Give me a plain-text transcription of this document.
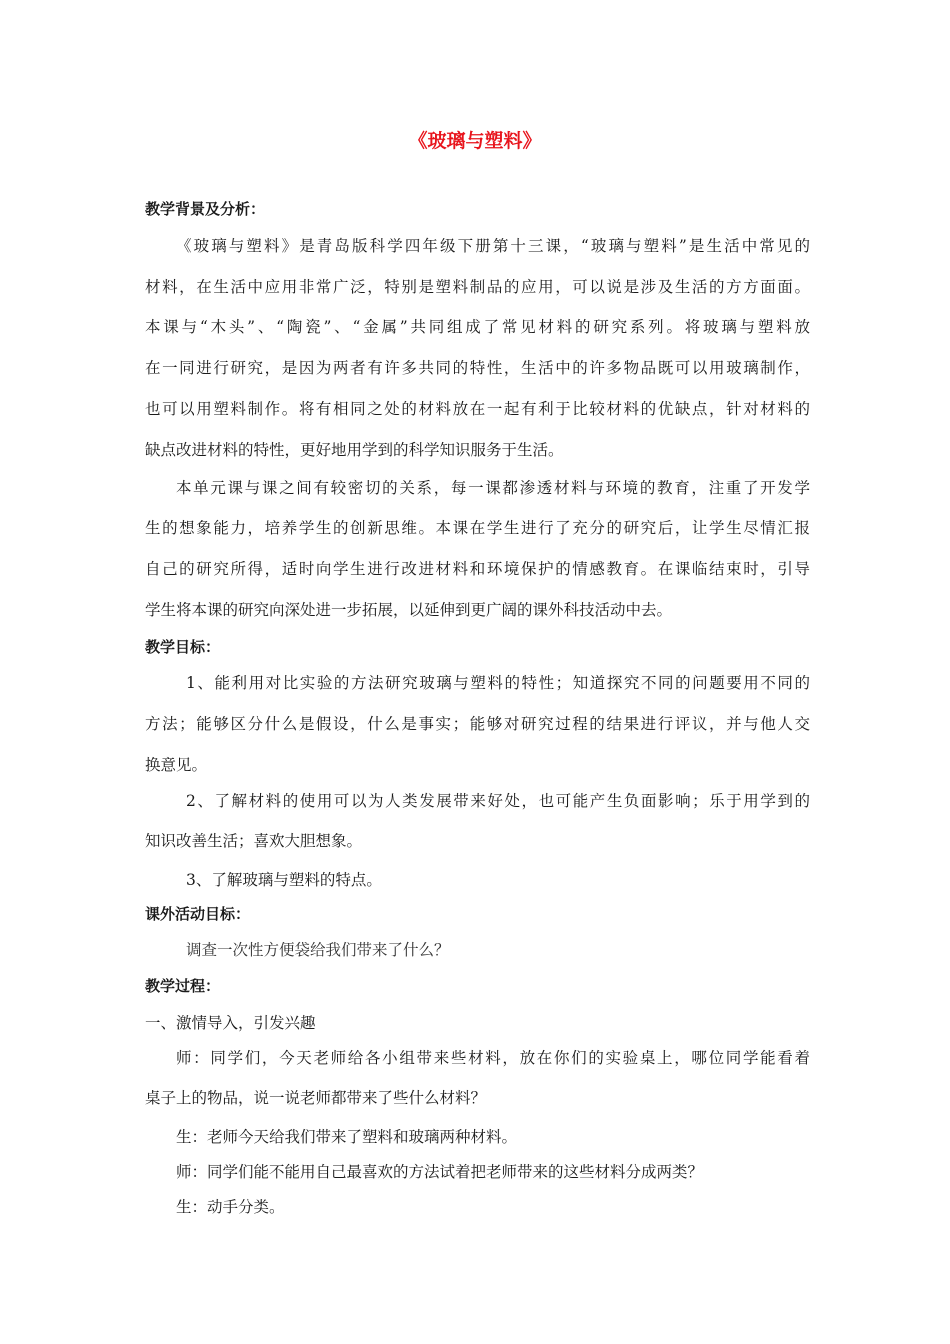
《玻璃与塑料》
教学背景及分析：
《玻璃与塑料》是青岛版科学四年级下册第十三课，“玻璃与塑料”是生活中常见的
材料，在生活中应用非常广泛，特别是塑料制品的应用，可以说是涉及生活的方方面面。
本课与“木头”、“陶瓷”、“金属”共同组成了常见材料的研究系列。将玻璃与塑料放
在一同进行研究，是因为两者有许多共同的特性，生活中的许多物品既可以用玻璃制作，
也可以用塑料制作。将有相同之处的材料放在一起有利于比较材料的优缺点，针对材料的
缺点改进材料的特性，更好地用学到的科学知识服务于生活。
本单元课与课之间有较密切的关系，每一课都渗透材料与环境的教育，注重了开发学
生的想象能力，培养学生的创新思维。本课在学生进行了充分的研究后，让学生尽情汇报
自己的研究所得，适时向学生进行改进材料和环境保护的情感教育。在课临结束时，引导
学生将本课的研究向深处进一步拓展，以延伸到更广阔的课外科技活动中去。
教学目标：
1、能利用对比实验的方法研究玻璃与塑料的特性；知道探究不同的问题要用不同的
方法；能够区分什么是假设，什么是事实；能够对研究过程的结果进行评议，并与他人交
换意见。
2、了解材料的使用可以为人类发展带来好处，也可能产生负面影响；乐于用学到的
知识改善生活；喜欢大胆想象。
3、了解玻璃与塑料的特点。
课外活动目标：
调查一次性方便袋给我们带来了什么？
教学过程：
一、激情导入，引发兴趣
师：同学们，今天老师给各小组带来些材料，放在你们的实验桌上，哪位同学能看着
桌子上的物品，说一说老师都带来了些什么材料？
生：老师今天给我们带来了塑料和玻璃两种材料。
师：同学们能不能用自己最喜欢的方法试着把老师带来的这些材料分成两类？
生：动手分类。
